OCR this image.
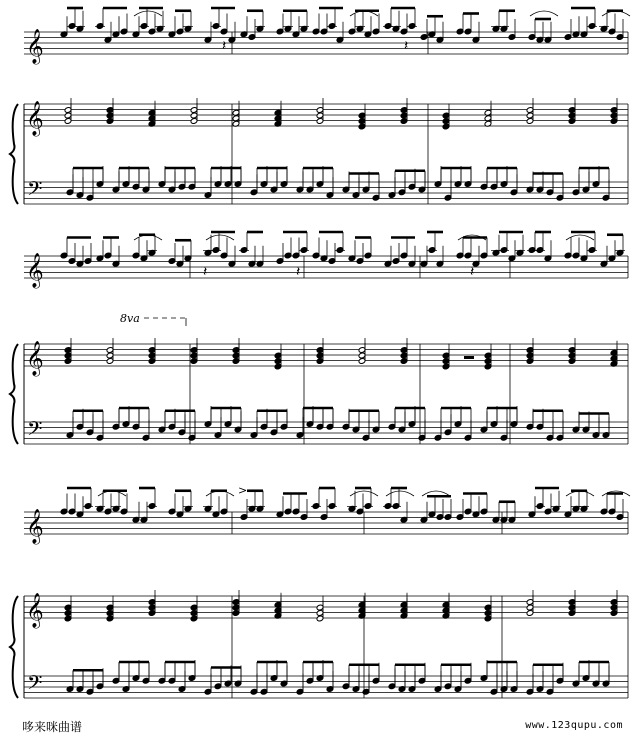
𝄞
𝄞
𝄢
𝄞
𝄞
𝄢
𝄞
𝄞
𝄢
8va
>
𝄽	𝄽
𝄽	𝄽	𝄽
哆来咪曲谱	www.123qupu.com
